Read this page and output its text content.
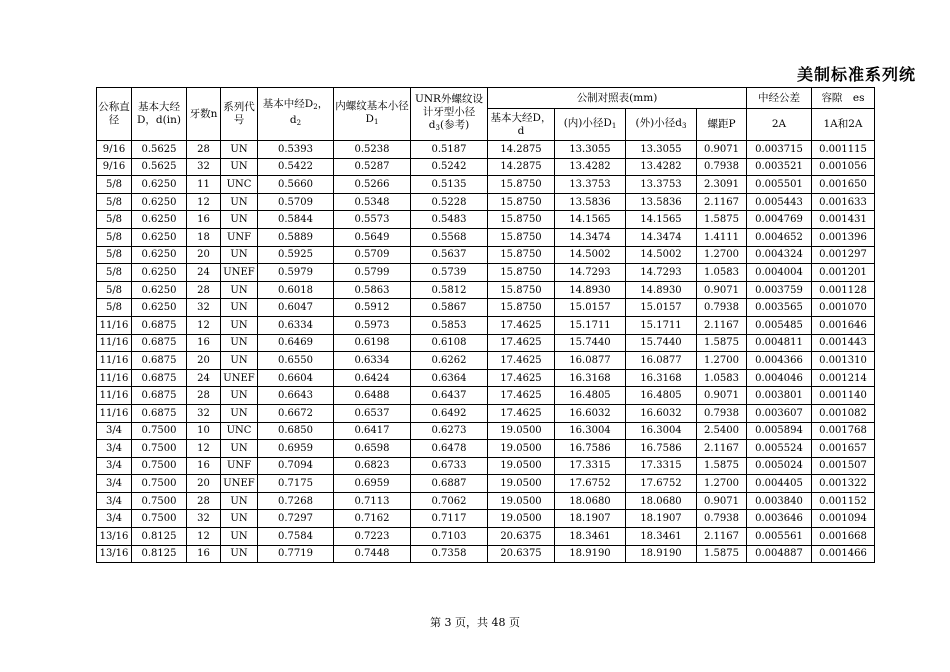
美制标准系列统
公称直径	基本大经D，d(in)	牙数n	系列代号	基本中经$D_2$，$d_2$	内螺纹基本小径$D_1$	UNR外螺纹设计牙型小径$d_3$(参考)	公制对照表(mm)				中经公差	容隙　es
							基本大经D，d	(内)小径$D_1$	(外)小径$d_3$	螺距P	2A	1A和2A
9/16	0.5625	28	UN	0.5393	0.5238	0.5187	14.2875	13.3055	13.3055	0.9071	0.003715	0.001115
9/16	0.5625	32	UN	0.5422	0.5287	0.5242	14.2875	13.4282	13.4282	0.7938	0.003521	0.001056
5/8	0.6250	11	UNC	0.5660	0.5266	0.5135	15.8750	13.3753	13.3753	2.3091	0.005501	0.001650
5/8	0.6250	12	UN	0.5709	0.5348	0.5228	15.8750	13.5836	13.5836	2.1167	0.005443	0.001633
5/8	0.6250	16	UN	0.5844	0.5573	0.5483	15.8750	14.1565	14.1565	1.5875	0.004769	0.001431
5/8	0.6250	18	UNF	0.5889	0.5649	0.5568	15.8750	14.3474	14.3474	1.4111	0.004652	0.001396
5/8	0.6250	20	UN	0.5925	0.5709	0.5637	15.8750	14.5002	14.5002	1.2700	0.004324	0.001297
5/8	0.6250	24	UNEF	0.5979	0.5799	0.5739	15.8750	14.7293	14.7293	1.0583	0.004004	0.001201
5/8	0.6250	28	UN	0.6018	0.5863	0.5812	15.8750	14.8930	14.8930	0.9071	0.003759	0.001128
5/8	0.6250	32	UN	0.6047	0.5912	0.5867	15.8750	15.0157	15.0157	0.7938	0.003565	0.001070
11/16	0.6875	12	UN	0.6334	0.5973	0.5853	17.4625	15.1711	15.1711	2.1167	0.005485	0.001646
11/16	0.6875	16	UN	0.6469	0.6198	0.6108	17.4625	15.7440	15.7440	1.5875	0.004811	0.001443
11/16	0.6875	20	UN	0.6550	0.6334	0.6262	17.4625	16.0877	16.0877	1.2700	0.004366	0.001310
11/16	0.6875	24	UNEF	0.6604	0.6424	0.6364	17.4625	16.3168	16.3168	1.0583	0.004046	0.001214
11/16	0.6875	28	UN	0.6643	0.6488	0.6437	17.4625	16.4805	16.4805	0.9071	0.003801	0.001140
11/16	0.6875	32	UN	0.6672	0.6537	0.6492	17.4625	16.6032	16.6032	0.7938	0.003607	0.001082
3/4	0.7500	10	UNC	0.6850	0.6417	0.6273	19.0500	16.3004	16.3004	2.5400	0.005894	0.001768
3/4	0.7500	12	UN	0.6959	0.6598	0.6478	19.0500	16.7586	16.7586	2.1167	0.005524	0.001657
3/4	0.7500	16	UNF	0.7094	0.6823	0.6733	19.0500	17.3315	17.3315	1.5875	0.005024	0.001507
3/4	0.7500	20	UNEF	0.7175	0.6959	0.6887	19.0500	17.6752	17.6752	1.2700	0.004405	0.001322
3/4	0.7500	28	UN	0.7268	0.7113	0.7062	19.0500	18.0680	18.0680	0.9071	0.003840	0.001152
3/4	0.7500	32	UN	0.7297	0.7162	0.7117	19.0500	18.1907	18.1907	0.7938	0.003646	0.001094
13/16	0.8125	12	UN	0.7584	0.7223	0.7103	20.6375	18.3461	18.3461	2.1167	0.005561	0.001668
13/16	0.8125	16	UN	0.7719	0.7448	0.7358	20.6375	18.9190	18.9190	1.5875	0.004887	0.001466
第 3 页，共 48 页
